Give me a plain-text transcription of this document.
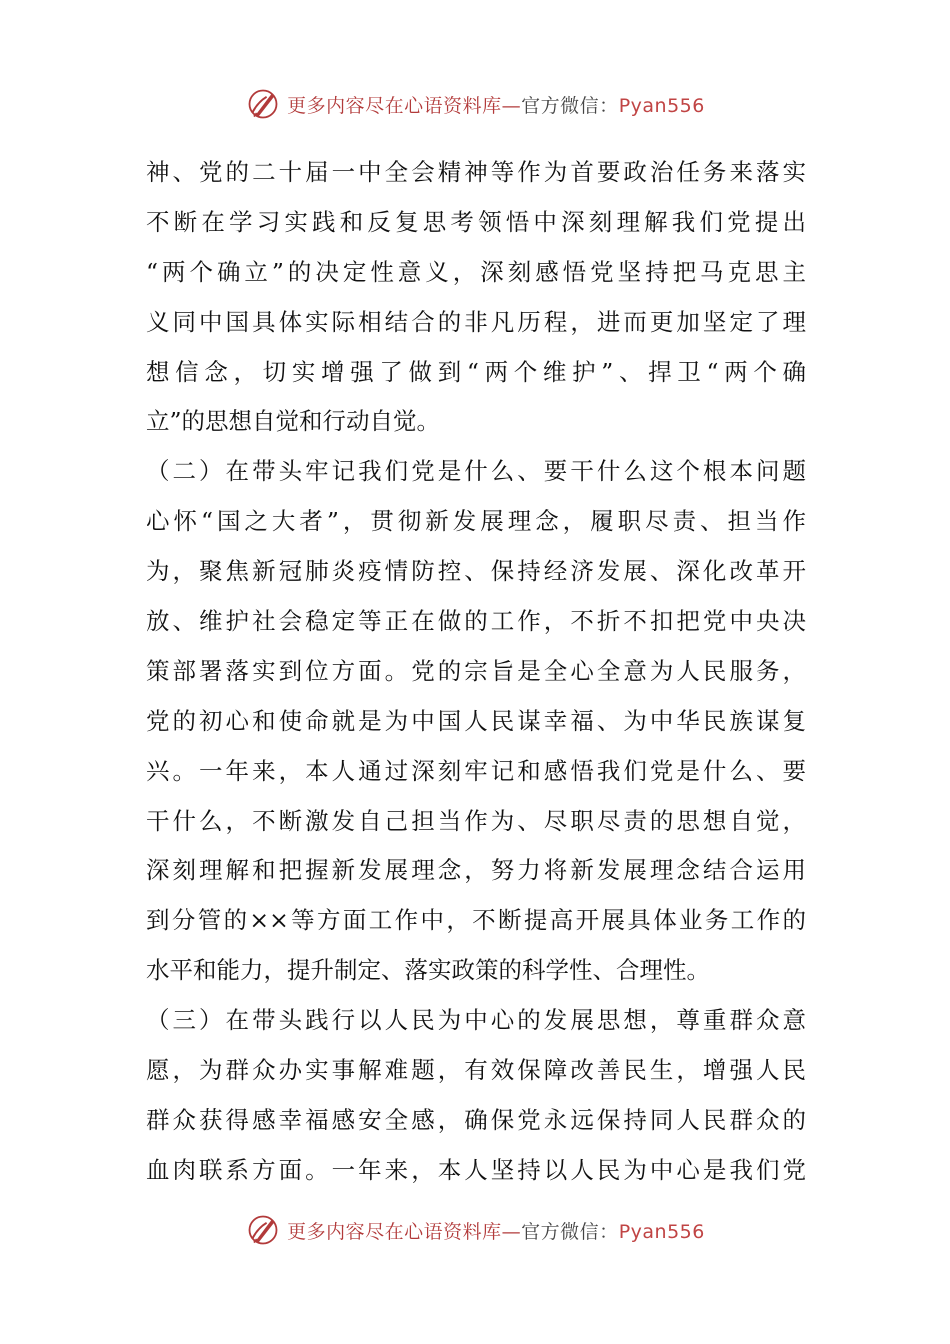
更多内容尽在心语资料库—官方微信：Pyan556
神、党的二十届一中全会精神等作为首要政治任务来落实
不断在学习实践和反复思考领悟中深刻理解我们党提出
“两个确立”的决定性意义，深刻感悟党坚持把马克思主
义同中国具体实际相结合的非凡历程，进而更加坚定了理
想信念，切实增强了做到“两个维护”、捍卫“两个确
立”的思想自觉和行动自觉。
（二）在带头牢记我们党是什么、要干什么这个根本问题
心怀“国之大者”，贯彻新发展理念，履职尽责、担当作
为，聚焦新冠肺炎疫情防控、保持经济发展、深化改革开
放、维护社会稳定等正在做的工作，不折不扣把党中央决
策部署落实到位方面。党的宗旨是全心全意为人民服务，
党的初心和使命就是为中国人民谋幸福、为中华民族谋复
兴。一年来，本人通过深刻牢记和感悟我们党是什么、要
干什么，不断激发自己担当作为、尽职尽责的思想自觉，
深刻理解和把握新发展理念，努力将新发展理念结合运用
到分管的××等方面工作中，不断提高开展具体业务工作的
水平和能力，提升制定、落实政策的科学性、合理性。
（三）在带头践行以人民为中心的发展思想，尊重群众意
愿，为群众办实事解难题，有效保障改善民生，增强人民
群众获得感幸福感安全感，确保党永远保持同人民群众的
血肉联系方面。一年来，本人坚持以人民为中心是我们党
更多内容尽在心语资料库—官方微信：Pyan556
